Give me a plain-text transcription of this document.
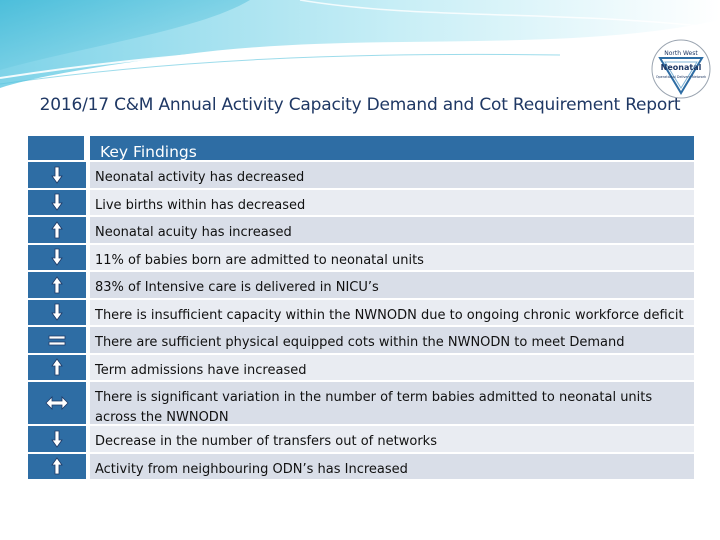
North West
Neonatal
Operational Delivery Network
2016/17 C&M Annual Activity Capacity Demand and Cot Requirement Report
Key Findings
Neonatal activity has decreased
Live births within has decreased
Neonatal acuity has increased
11% of babies born are admitted to neonatal units
83% of Intensive care is delivered in NICU’s
There is insufficient capacity within the NWNODN due to ongoing chronic workforce deficit
There are sufficient physical equipped cots within the NWNODN to meet Demand
Term admissions have increased
There is significant variation in the number of term babies admitted to neonatal units across the NWNODN
Decrease in the number of transfers out of networks
Activity from neighbouring ODN’s has Increased
